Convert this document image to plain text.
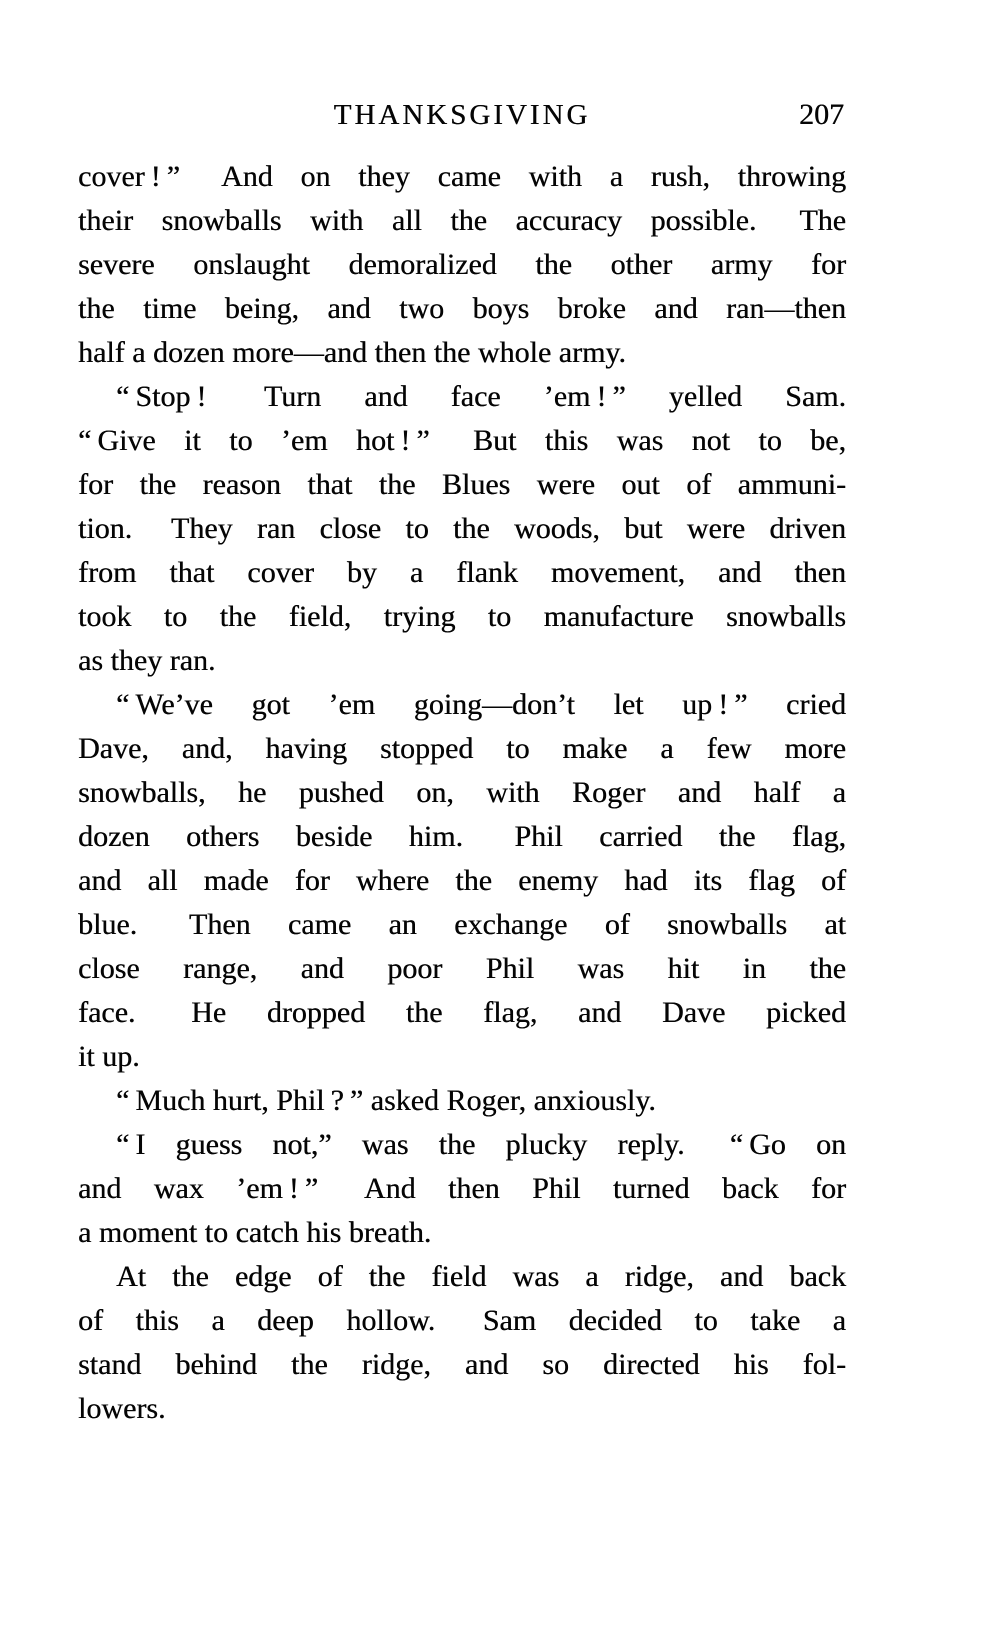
THANKSGIVING	207
cover ! ”  And on they came with a rush, throwing
their snowballs with all the accuracy possible.  The
severe onslaught demoralized the other army for
the time being, and two boys broke and ran—then
half a dozen more—and then the whole army.
“ Stop !  Turn and face ’em ! ” yelled Sam.
“ Give it to ’em hot ! ”  But this was not to be,
for the reason that the Blues were out of ammuni-
tion.  They ran close to the woods, but were driven
from that cover by a flank movement, and then
took to the field, trying to manufacture snowballs
as they ran.
“ We’ve got ’em going—don’t let up ! ” cried
Dave, and, having stopped to make a few more
snowballs, he pushed on, with Roger and half a
dozen others beside him.  Phil carried the flag,
and all made for where the enemy had its flag of
blue.  Then came an exchange of snowballs at
close range, and poor Phil was hit in the
face.  He dropped the flag, and Dave picked
it up.
“ Much hurt, Phil ? ” asked Roger, anxiously.
“ I guess not,” was the plucky reply.  “ Go on
and wax ’em ! ”  And then Phil turned back for
a moment to catch his breath.
At the edge of the field was a ridge, and back
of this a deep hollow.  Sam decided to take a
stand behind the ridge, and so directed his fol-
lowers.
